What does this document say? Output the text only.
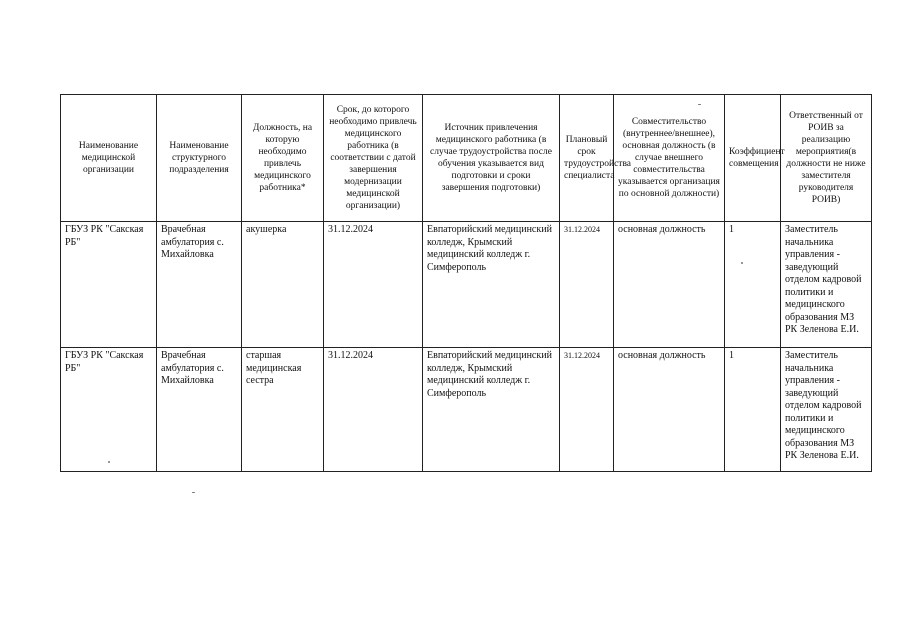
Наименование медицинской организации	Наименование структурного подразделения	Должность, на которую необходимо привлечь медицинского работника*	Срок, до которого необходимо привлечь медицинского работника (в соответствии с датой завершения модернизации медицинской организации)	Источник привлечения медицинского работника (в случае трудоустройства после обучения указывается вид подготовки и сроки завершения подготовки)	Плановый срок трудоустройства специалиста	Совместительство (внутреннее/внешнее), основная должность (в случае внешнего совместительства указывается организация по основной должности)	Коэффициент совмещения	Ответственный от РОИВ за реализацию мероприятия(в должности не ниже заместителя руководителя РОИВ)
ГБУЗ РК "Сакская РБ"	Врачебная амбулатория с. Михайловка	акушерка	31.12.2024	Евпаторийский медицинский колледж, Крымский медицинский колледж г. Симферополь	31.12.2024	основная должность	1	Заместитель начальника управления - заведующий отделом кадровой политики и медицинского образования МЗ РК Зеленова Е.И.
ГБУЗ РК "Сакская РБ"	Врачебная амбулатория с. Михайловка	старшая медицинская сестра	31.12.2024	Евпаторийский медицинский колледж, Крымский медицинский колледж г. Симферополь	31.12.2024	основная должность	1	Заместитель начальника управления - заведующий отделом кадровой политики и медицинского образования МЗ РК Зеленова Е.И.
